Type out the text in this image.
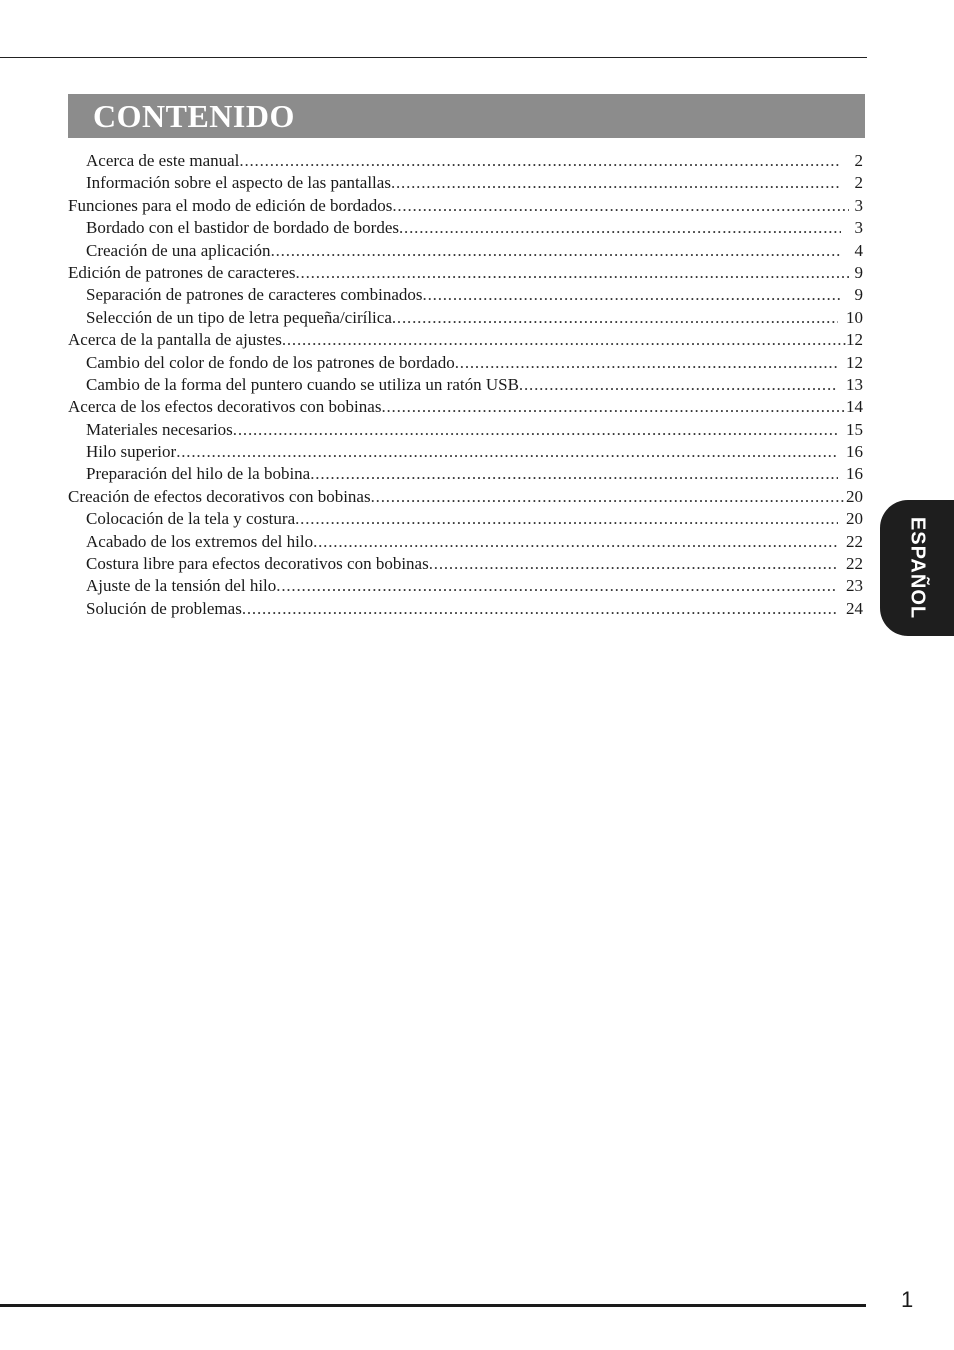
CONTENIDO
Acerca de este manual .....	2
Información sobre el aspecto de las pantallas .....	2
Funciones para el modo de edición de bordados .....	3
Bordado con el bastidor de bordado de bordes .....	3
Creación de una aplicación .....	4
Edición de patrones de caracteres .....	9
Separación de patrones de caracteres combinados .....	9
Selección de un tipo de letra pequeña/cirílica .....	10
Acerca de la pantalla de ajustes .....	12
Cambio del color de fondo de los patrones de bordado .....	12
Cambio de la forma del puntero cuando se utiliza un ratón USB .....	13
Acerca de los efectos decorativos con bobinas .....	14
Materiales necesarios .....	15
Hilo superior .....	16
Preparación del hilo de la bobina .....	16
Creación de efectos decorativos con bobinas .....	20
Colocación de la tela y costura .....	20
Acabado de los extremos del hilo .....	22
Costura libre para efectos decorativos con bobinas .....	22
Ajuste de la tensión del hilo .....	23
Solución de problemas .....	24 ESPAÑOL
1
